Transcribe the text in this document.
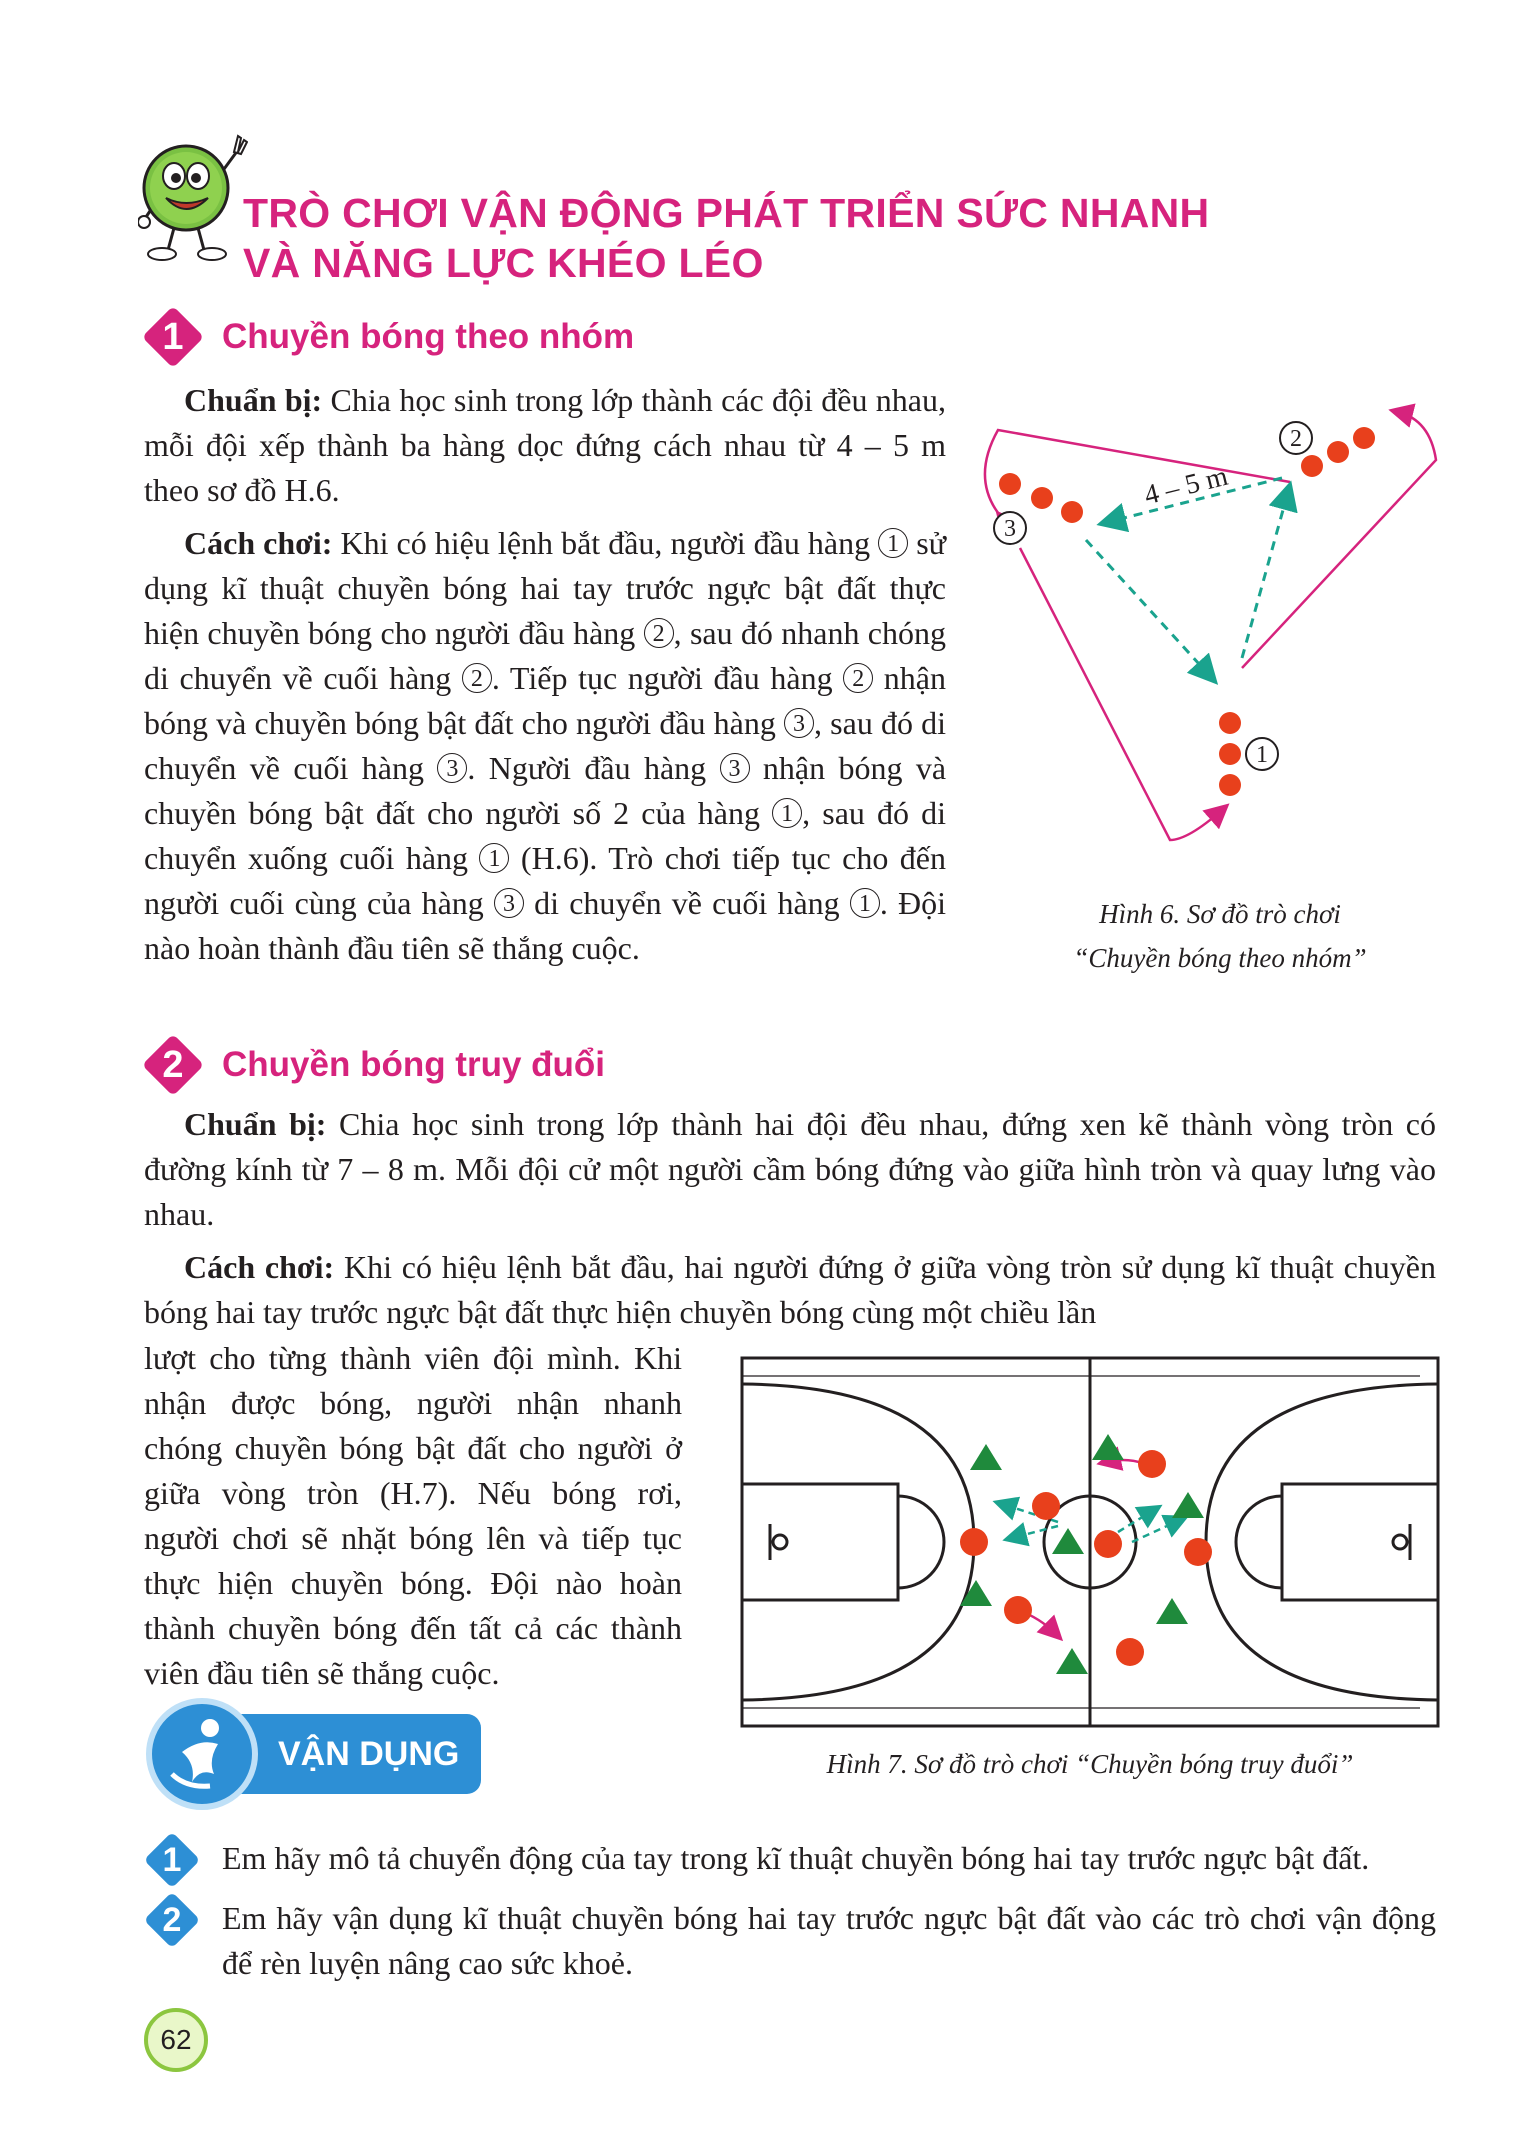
TRÒ CHƠI VẬN ĐỘNG PHÁT TRIỂN SỨC NHANH
VÀ NĂNG LỰC KHÉO LÉO
1	Chuyền bóng theo nhóm

Chuẩn bị: Chia học sinh trong lớp thành các đội đều nhau, mỗi đội xếp thành ba hàng dọc đứng cách nhau từ 4 – 5 m theo sơ đồ H.6.

Cách chơi: Khi có hiệu lệnh bắt đầu, người đầu hàng 1 sử dụng kĩ thuật chuyền bóng hai tay trước ngực bật đất thực hiện chuyền bóng cho người đầu hàng 2 , sau đó nhanh chóng di chuyển về cuối hàng 2 . Tiếp tục người đầu hàng 2 nhận bóng và chuyền bóng bật đất cho người đầu hàng 3 , sau đó di chuyển về cuối hàng 3 . Người đầu hàng 3 nhận bóng và chuyền bóng bật đất cho người số 2 của hàng 1 , sau đó di chuyển xuống cuối hàng 1 (H.6). Trò chơi tiếp tục cho đến người cuối cùng của hàng 3 di chuyển về cuối hàng 1 . Đội nào hoàn thành đầu tiên sẽ thắng cuộc.

2
3
1
4 – 5 m
Hình 6. Sơ đồ trò chơi
“Chuyền bóng theo nhóm”
2	Chuyền bóng truy đuổi

Chuẩn bị: Chia học sinh trong lớp thành hai đội đều nhau, đứng xen kẽ thành vòng tròn có đường kính từ 7 – 8 m. Mỗi đội cử một người cầm bóng đứng vào giữa hình tròn và quay lưng vào nhau.

Cách chơi: Khi có hiệu lệnh bắt đầu, hai người đứng ở giữa vòng tròn sử dụng kĩ thuật chuyền bóng hai tay trước ngực bật đất thực hiện chuyền bóng cùng một chiều lần

lượt cho từng thành viên đội mình. Khi nhận được bóng, người nhận nhanh chóng chuyền bóng bật đất cho người ở giữa vòng tròn (H.7). Nếu bóng rơi, người chơi sẽ nhặt bóng lên và tiếp tục thực hiện chuyền bóng. Đội nào hoàn thành chuyền bóng đến tất cả các thành viên đầu tiên sẽ thắng cuộc.

Hình 7. Sơ đồ trò chơi “Chuyền bóng truy đuổi”
VẬN DỤNG
1	Em hãy mô tả chuyển động của tay trong kĩ thuật chuyền bóng hai tay trước ngực bật đất.
2	Em hãy vận dụng kĩ thuật chuyền bóng hai tay trước ngực bật đất vào các trò chơi vận động để rèn luyện nâng cao sức khoẻ.
62
